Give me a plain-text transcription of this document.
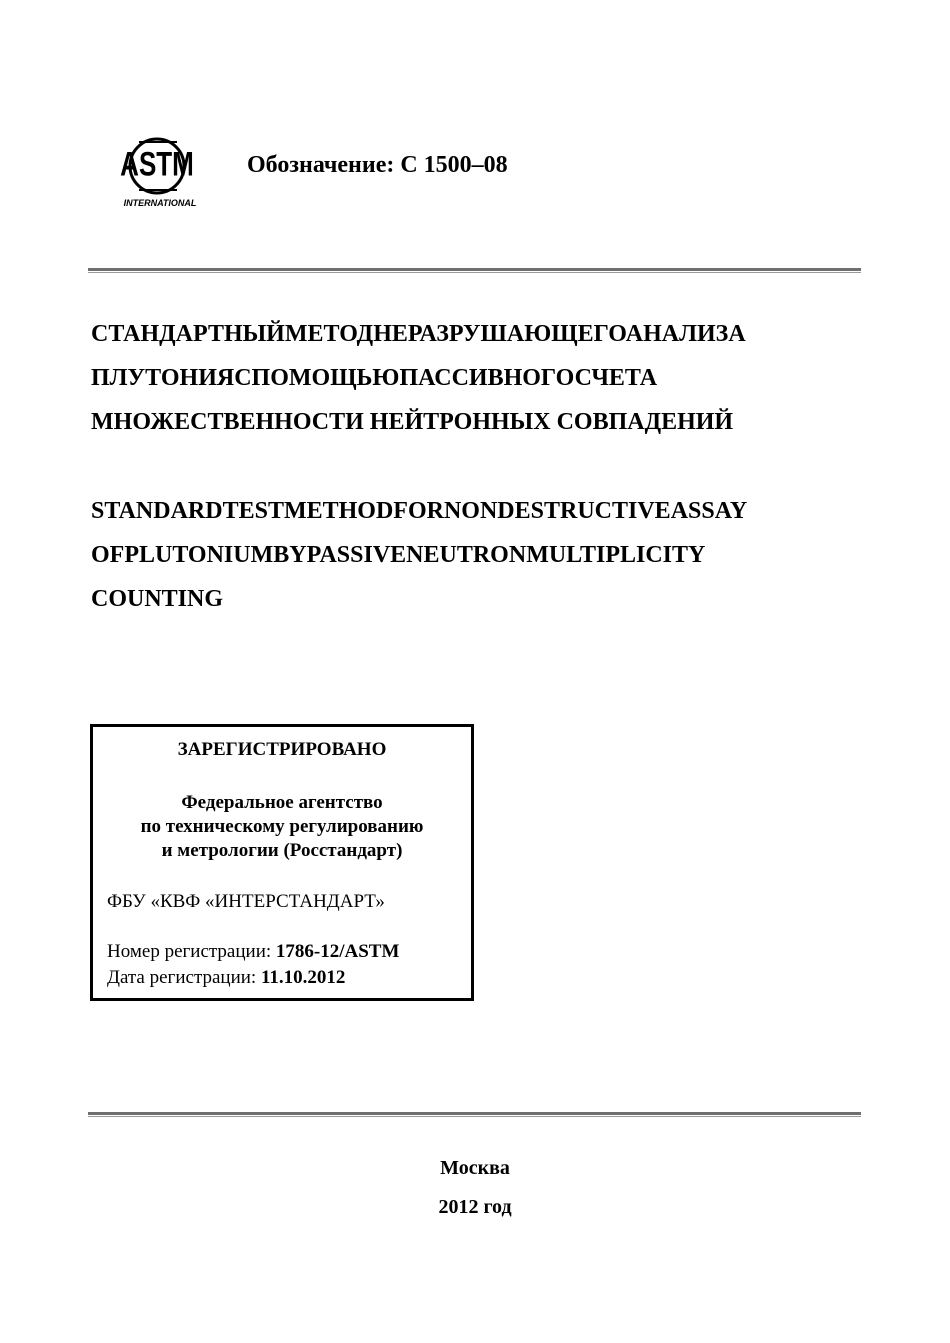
ASTM
INTERNATIONAL
Обозначение: С 1500–08
СТАНДАРТНЫЙМЕТОДНЕРАЗРУШАЮЩЕГОАНАЛИЗА
ПЛУТОНИЯСПОМОЩЬЮПАССИВНОГОСЧЕТА
МНОЖЕСТВЕННОСТИ НЕЙТРОННЫХ СОВПАДЕНИЙ
STANDARDTESTMETHODFORNONDESTRUCTIVEASSAY
OFPLUTONIUMBYPASSIVENEUTRONMULTIPLICITY
COUNTING
ЗАРЕГИСТРИРОВАНО
Федеральное агентство
по техническому регулированию
и метрологии (Росстандарт)
ФБУ «КВФ «ИНТЕРСТАНДАРТ»
Номер регистрации: 1786-12/ASTM
Дата регистрации: 11.10.2012
Москва
2012 год
